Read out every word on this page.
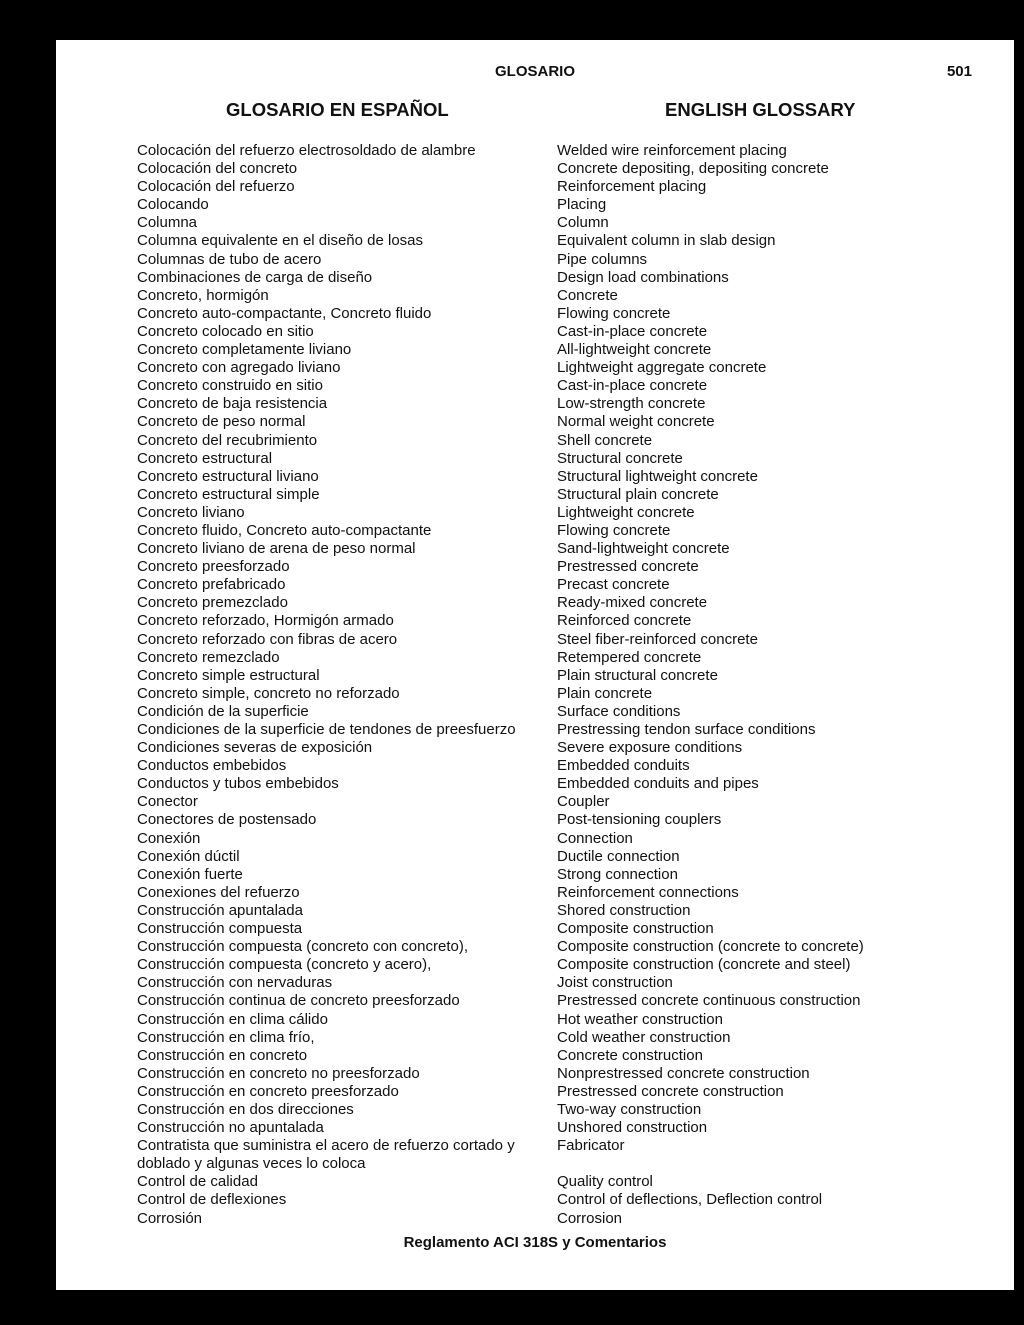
GLOSARIO	501
GLOSARIO EN ESPAÑOL	ENGLISH GLOSSARY
Colocación del refuerzo electrosoldado de alambre
Colocación del concreto
Colocación del refuerzo
Colocando
Columna
Columna equivalente en el diseño de losas
Columnas de tubo de acero
Combinaciones de carga de diseño
Concreto, hormigón
Concreto auto-compactante, Concreto fluido
Concreto colocado en sitio
Concreto completamente liviano
Concreto con agregado liviano
Concreto construido en sitio
Concreto de baja resistencia
Concreto de peso normal
Concreto del recubrimiento
Concreto estructural
Concreto estructural liviano
Concreto estructural simple
Concreto liviano
Concreto fluido, Concreto auto-compactante
Concreto liviano de arena de peso normal
Concreto preesforzado
Concreto prefabricado
Concreto premezclado
Concreto reforzado, Hormigón armado
Concreto reforzado con fibras de acero
Concreto remezclado
Concreto simple estructural
Concreto simple, concreto no reforzado
Condición de la superficie
Condiciones de la superficie de tendones de preesfuerzo
Condiciones severas de exposición
Conductos embebidos
Conductos y tubos embebidos
Conector
Conectores de postensado
Conexión
Conexión dúctil
Conexión fuerte
Conexiones del refuerzo
Construcción apuntalada
Construcción compuesta
Construcción compuesta (concreto con concreto),
Construcción compuesta (concreto y acero),
Construcción con nervaduras
Construcción continua de concreto preesforzado
Construcción en clima cálido
Construcción en clima frío,
Construcción en concreto
Construcción en concreto no preesforzado
Construcción en concreto preesforzado
Construcción en dos direcciones
Construcción no apuntalada
Contratista que suministra el acero de refuerzo cortado y
doblado y algunas veces lo coloca
Control de calidad
Control de deflexiones
Corrosión
Welded wire reinforcement placing
Concrete depositing, depositing concrete
Reinforcement placing
Placing
Column
Equivalent column in slab design
Pipe columns
Design load combinations
Concrete
Flowing concrete
Cast-in-place concrete
All-lightweight concrete
Lightweight aggregate concrete
Cast-in-place concrete
Low-strength concrete
Normal weight concrete
Shell concrete
Structural concrete
Structural lightweight concrete
Structural plain concrete
Lightweight concrete
Flowing concrete
Sand-lightweight concrete
Prestressed concrete
Precast concrete
Ready-mixed concrete
Reinforced concrete
Steel fiber-reinforced concrete
Retempered concrete
Plain structural concrete
Plain concrete
Surface conditions
Prestressing tendon surface conditions
Severe exposure conditions
Embedded conduits
Embedded conduits and pipes
Coupler
Post-tensioning couplers
Connection
Ductile connection
Strong connection
Reinforcement connections
Shored construction
Composite construction
Composite construction (concrete to concrete)
Composite construction (concrete and steel)
Joist construction
Prestressed concrete continuous construction
Hot weather construction
Cold weather construction
Concrete construction
Nonprestressed concrete construction
Prestressed concrete construction
Two-way construction
Unshored construction
Fabricator

Quality control
Control of deflections, Deflection control
Corrosion
Reglamento ACI 318S y Comentarios
